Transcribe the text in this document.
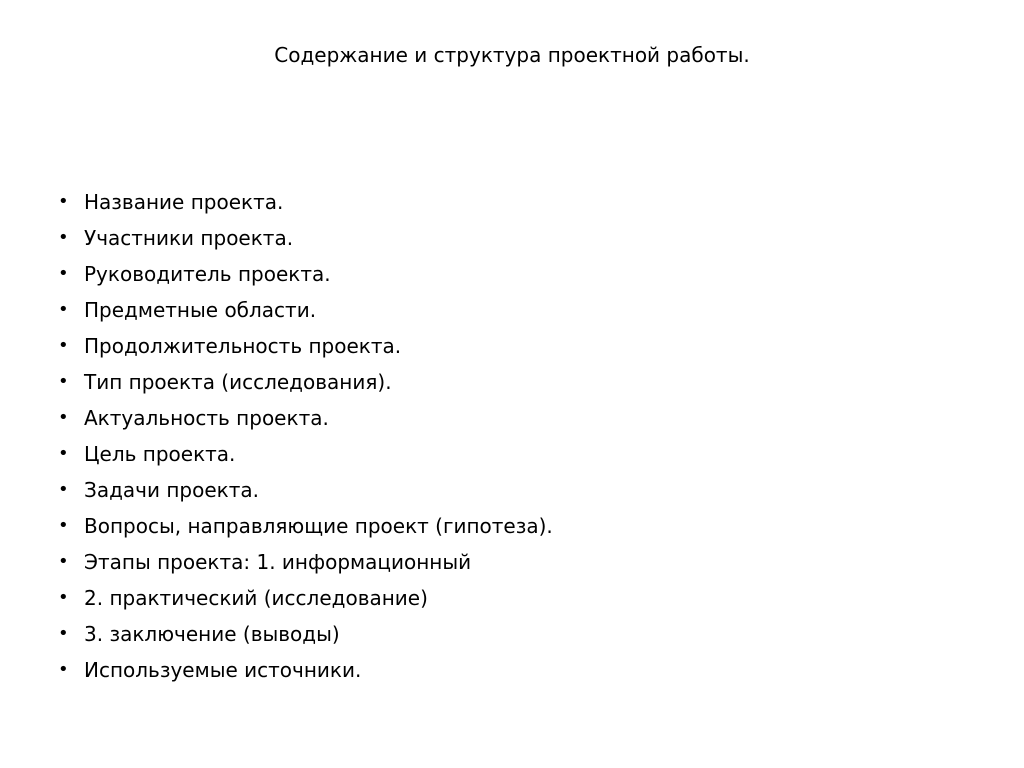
Содержание и структура проектной работы.
• Название проекта.
• Участники проекта.
• Руководитель проекта.
• Предметные области.
• Продолжительность проекта.
• Тип проекта (исследования).
• Актуальность проекта.
• Цель проекта.
• Задачи проекта.
• Вопросы, направляющие проект (гипотеза).
• Этапы проекта: 1. информационный
• 2. практический (исследование)
• 3. заключение (выводы)
• Используемые источники.
